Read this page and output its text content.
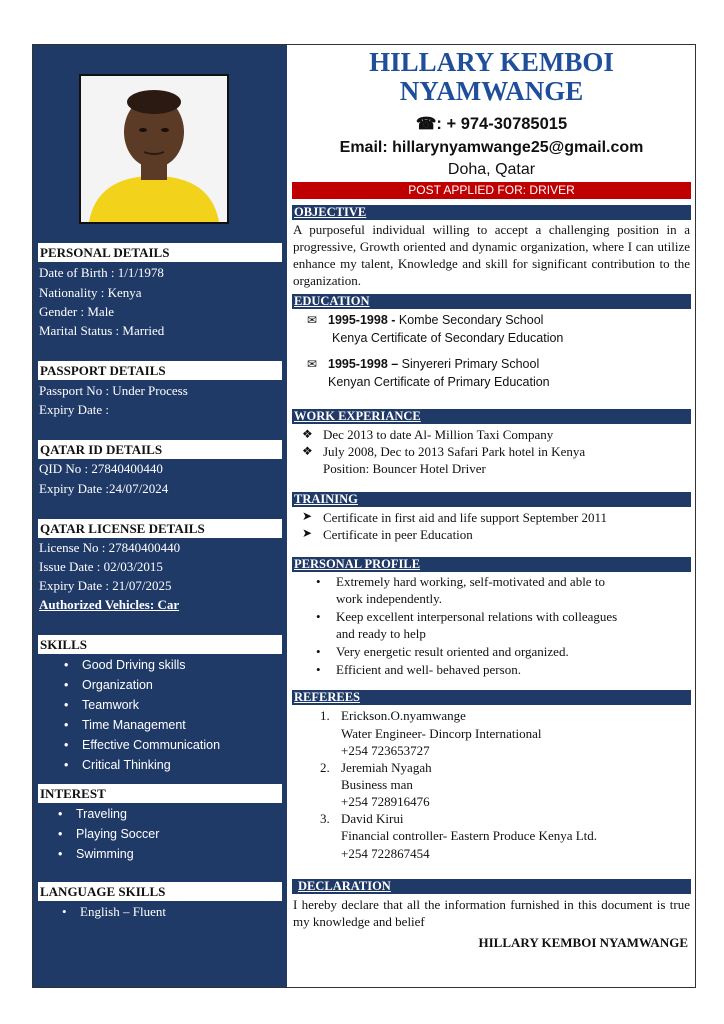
PERSONAL DETAILS
Date of Birth : 1/1/1978
Nationality : Kenya
Gender : Male
Marital Status : Married
PASSPORT DETAILS
Passport No : Under Process
Expiry Date :
QATAR ID DETAILS
QID No : 27840400440
Expiry Date :24/07/2024
QATAR LICENSE DETAILS
License No : 27840400440
Issue Date : 02/03/2015
Expiry Date : 21/07/2025
Authorized Vehicles: Car
SKILLS
• Good Driving skills
• Organization
• Teamwork
• Time Management
• Effective Communication
• Critical Thinking
INTEREST
• Traveling
• Playing Soccer
• Swimming
LANGUAGE SKILLS
• English – Fluent
HILLARY KEMBOI NYAMWANGE
☎: + 974-30785015
Email: hillarynyamwange25@gmail.com
Doha, Qatar
POST APPLIED FOR: DRIVER
OBJECTIVE
A purposeful individual willing to accept a challenging position in a progressive, Growth oriented and dynamic organization, where I can utilize enhance my talent, Knowledge and skill for significant contribution to the organization.
EDUCATION
✉ 1995-1998 - Kombe Secondary School
Kenya Certificate of Secondary Education
✉ 1995-1998 – Sinyereri Primary School
Kenyan Certificate of Primary Education
WORK EXPERIANCE
❖ Dec 2013 to date Al- Million Taxi Company
❖ July 2008, Dec to 2013 Safari Park hotel in Kenya
Position: Bouncer Hotel Driver
TRAINING
➤ Certificate in first aid and life support September 2011
➤ Certificate in peer Education
PERSONAL PROFILE
• Extremely hard working, self-motivated and able to
work independently.
• Keep excellent interpersonal relations with colleagues
and ready to help
• Very energetic result oriented and organized.
• Efficient and well- behaved person.
REFEREES
1. Erickson.O.nyamwange
Water Engineer- Dincorp International
+254 723653727
2. Jeremiah Nyagah
Business man
+254 728916476
3. David Kirui
Financial controller- Eastern Produce Kenya Ltd.
+254 722867454
DECLARATION
I hereby declare that all the information furnished in this document is true my knowledge and belief
HILLARY KEMBOI NYAMWANGE
